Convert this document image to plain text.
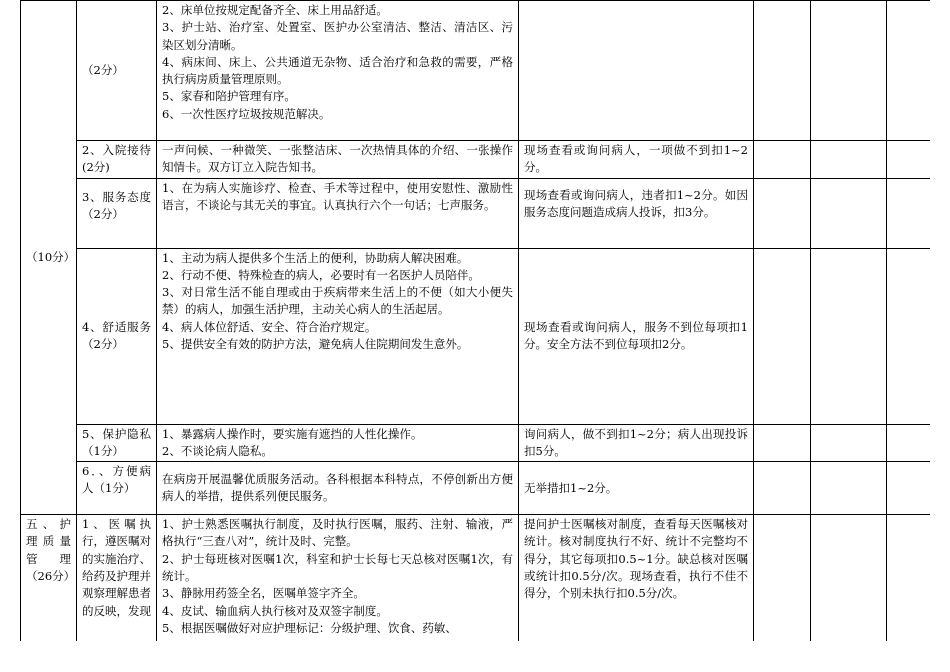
（10分）	（2分）	2、床单位按规定配备齐全、床上用品舒适。
3、护士站、治疗室、处置室、医护办公室清洁、整洁、清洁区、污染区划分清晰。
4、病床间、床上、公共通道无杂物、适合治疗和急救的需要，严格执行病房质量管理原则。
5、家春和陪护管理有序。
6、一次性医疗垃圾按规范解决。				

	2、入院接待(2分)	一声问候、一种微笑、一张整洁床、一次热情具体的介绍、一张操作知情卡。双方订立入院告知书。	现场查看或询问病人，一项做不到扣1~2分。			
	3、服务态度（2分）	1、在为病人实施诊疗、检查、手术等过程中，使用安慰性、激励性语言，不谈论与其无关的事宜。认真执行六个一句话；七声服务。	现场查看或询问病人，违者扣1~2分。如因服务态度问题造成病人投诉，扣3分。			
	4、舒适服务（2分）	1、主动为病人提供多个生活上的便利，协助病人解决困难。
2、行动不便、特殊检查的病人，必要时有一名医护人员陪伴。
3、对日常生活不能自理或由于疾病带来生活上的不便（如大小便失禁）的病人，加强生活护理，主动关心病人的生活起居。
4、病人体位舒适、安全、符合治疗规定。
5、提供安全有效的防护方法，避免病人住院期间发生意外。	现场查看或询问病人，服务不到位每项扣1分。安全方法不到位每项扣2分。			
	5、保护隐私（1分）	1、暴露病人操作时，要实施有遮挡的人性化操作。
2、不谈论病人隐私。	询问病人，做不到扣1~2分；病人出现投诉扣5分。			
	6．、方便病人（1分）	在病房开展温馨优质服务活动。各科根据本科特点，不停创新出方便病人的举措，提供系列便民服务。	无举措扣1~2分。			
五、护理质量管理（26分）	1、医嘱执行，遵医嘱对的实施治疗、给药及护理并观察理解患者的反映，发现	1、护士熟悉医嘱执行制度，及时执行医嘱，服药、注射、输液，严格执行“三查八对”，统计及时、完整。
2、护士每班核对医嘱1次，科室和护士长每七天总核对医嘱1次，有统计。
3、静脉用药签全名，医嘱单签字齐全。
4、皮试、输血病人执行核对及双签字制度。
5、根据医嘱做好对应护理标记：分级护理、饮食、药敏、	提问护士医嘱核对制度，查看每天医嘱核对统计。核对制度执行不好、统计不完整均不得分，其它每项扣0.5~1分。缺总核对医嘱或统计扣0.5分/次。现场查看，执行不佳不得分，个别未执行扣0.5分/次。			
